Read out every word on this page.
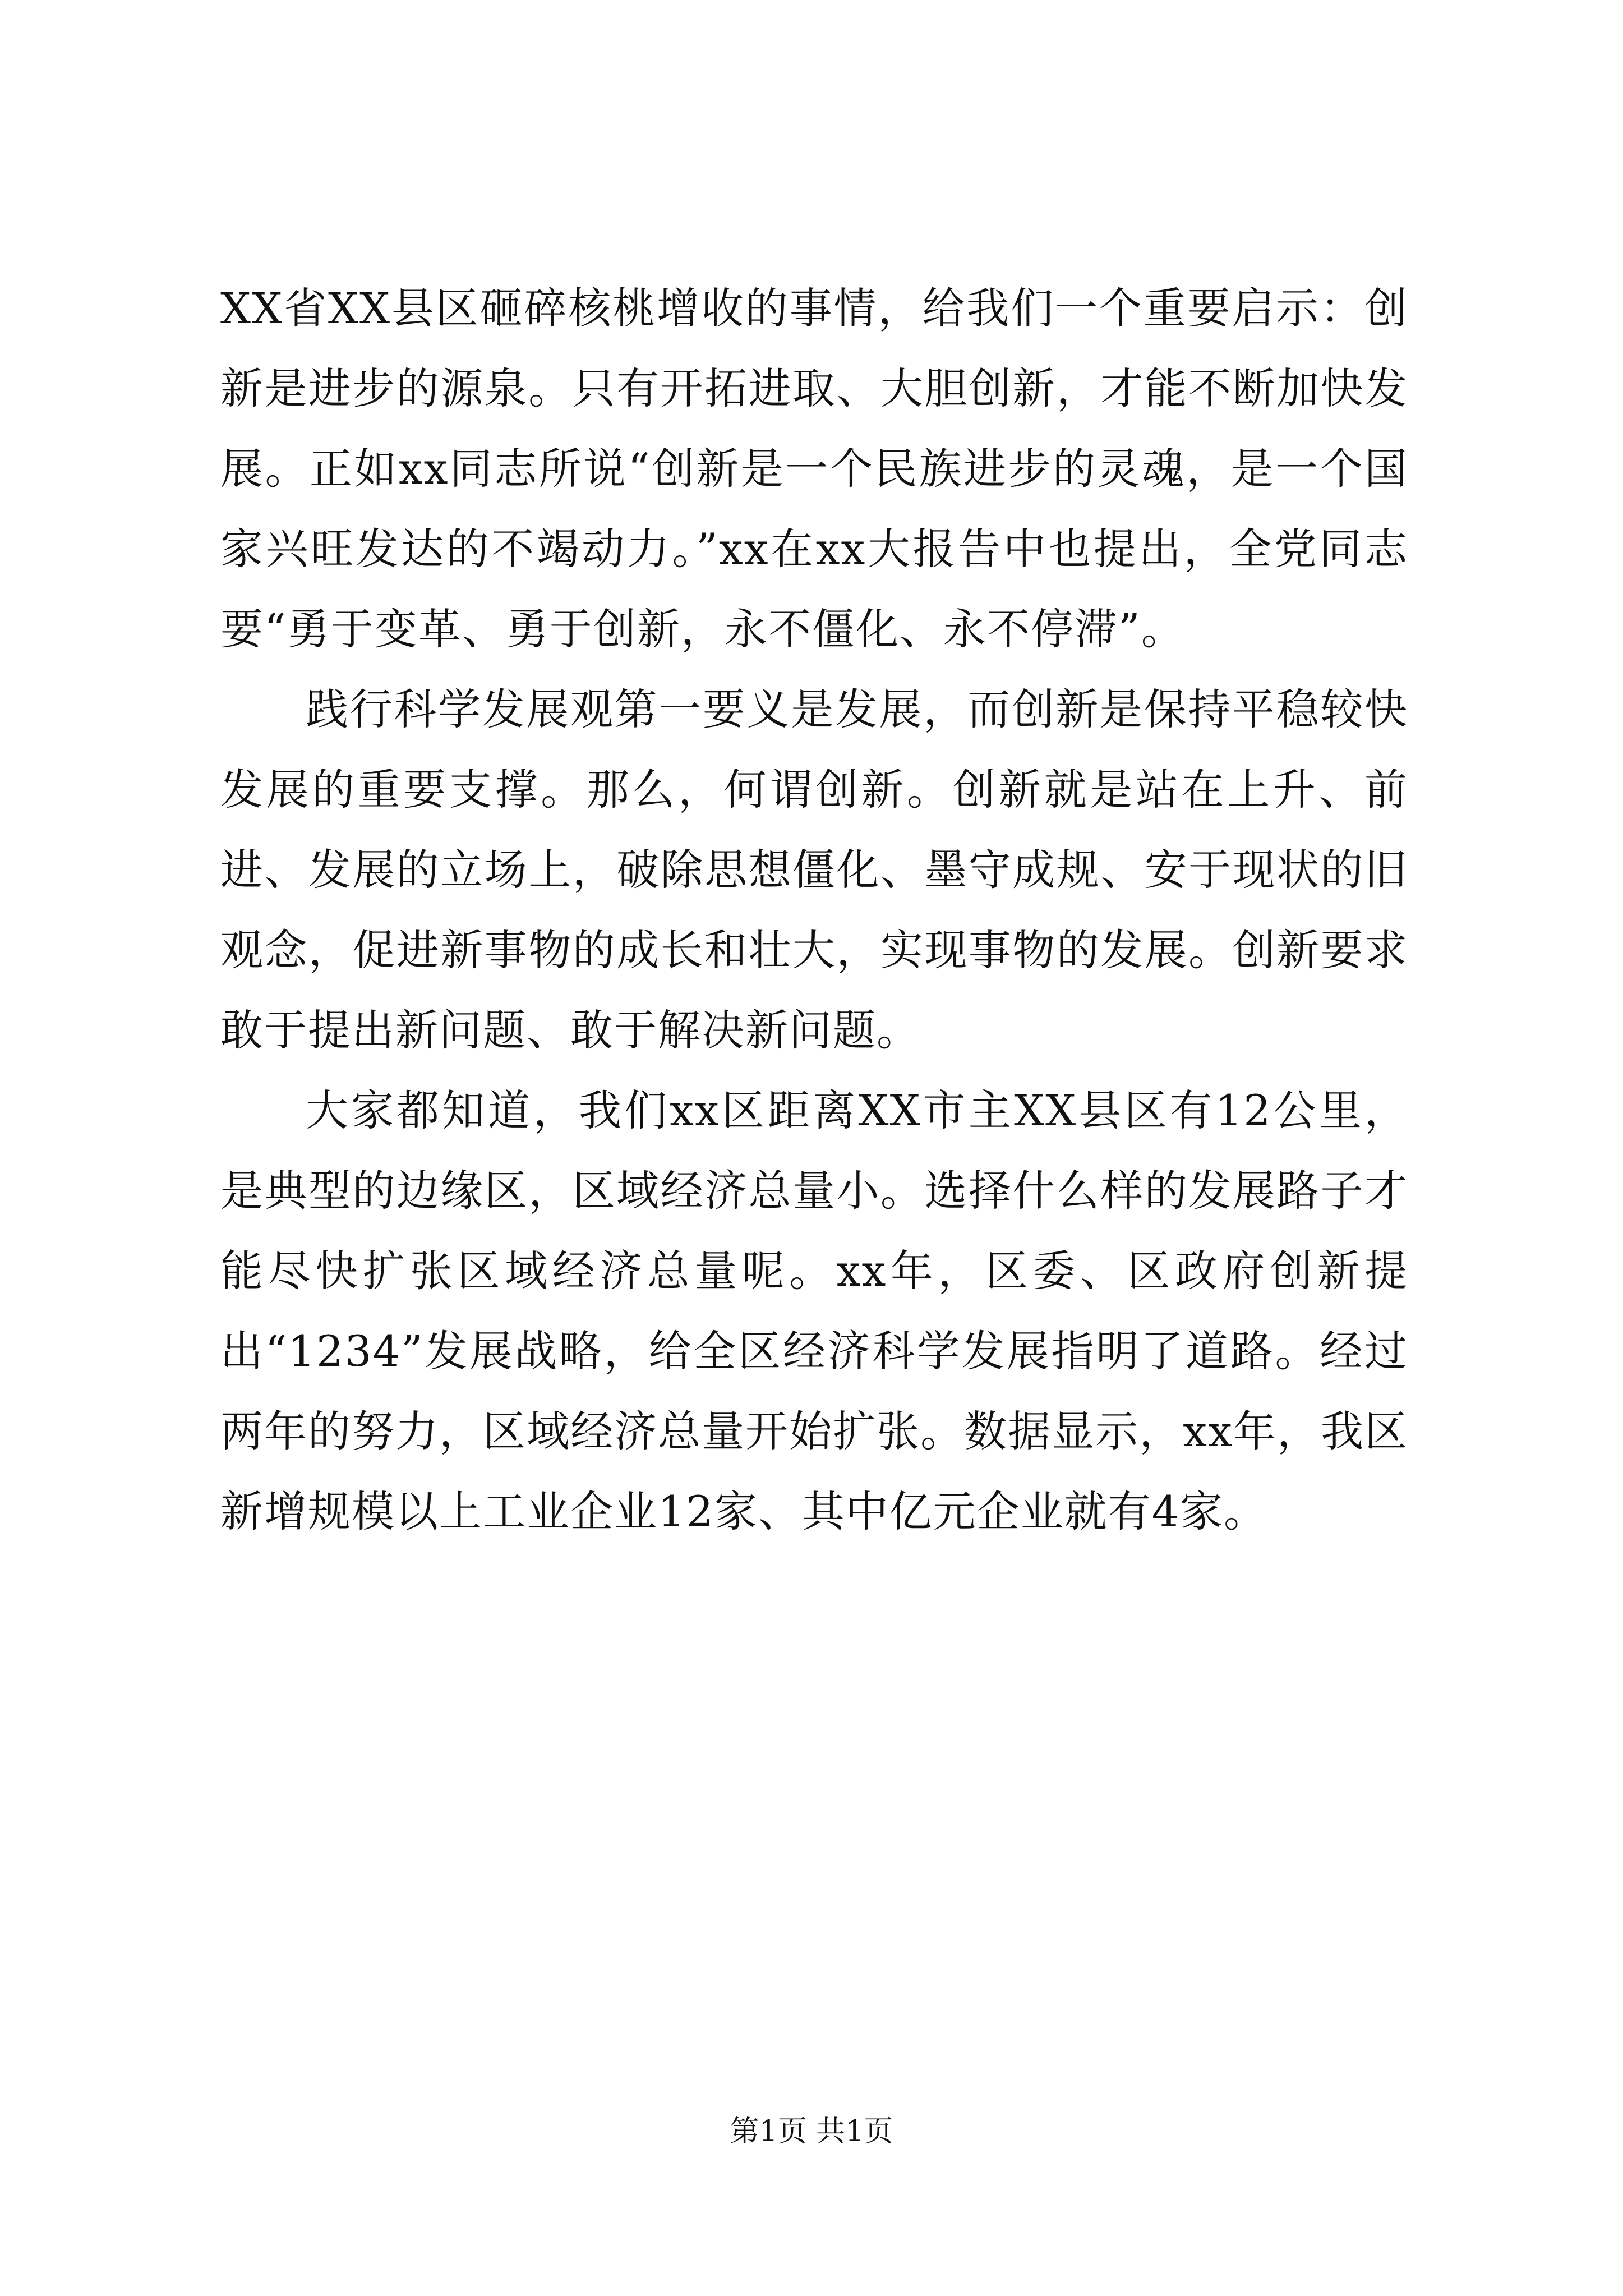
XX省XX县区砸碎核桃增收的事情，给我们一个重要启示：创新是进步的源泉。只有开拓进取、大胆创新，才能不断加快发展。正如xx同志所说“创新是一个民族进步的灵魂，是一个国家兴旺发达的不竭动力。”xx在xx大报告中也提出，全党同志要“勇于变革、勇于创新，永不僵化、永不停滞”。

践行科学发展观第一要义是发展，而创新是保持平稳较快发展的重要支撑。那么，何谓创新。创新就是站在上升、前进、发展的立场上，破除思想僵化、墨守成规、安于现状的旧观念，促进新事物的成长和壮大，实现事物的发展。创新要求敢于提出新问题、敢于解决新问题。

大家都知道，我们xx区距离XX市主XX县区有12公里，是典型的边缘区，区域经济总量小。选择什么样的发展路子才能尽快扩张区域经济总量呢。xx年，区委、区政府创新提出“1234”发展战略，给全区经济科学发展指明了道路。经过两年的努力，区域经济总量开始扩张。数据显示，xx年，我区新增规模以上工业企业12家、其中亿元企业就有4家。

第1页 共1页
